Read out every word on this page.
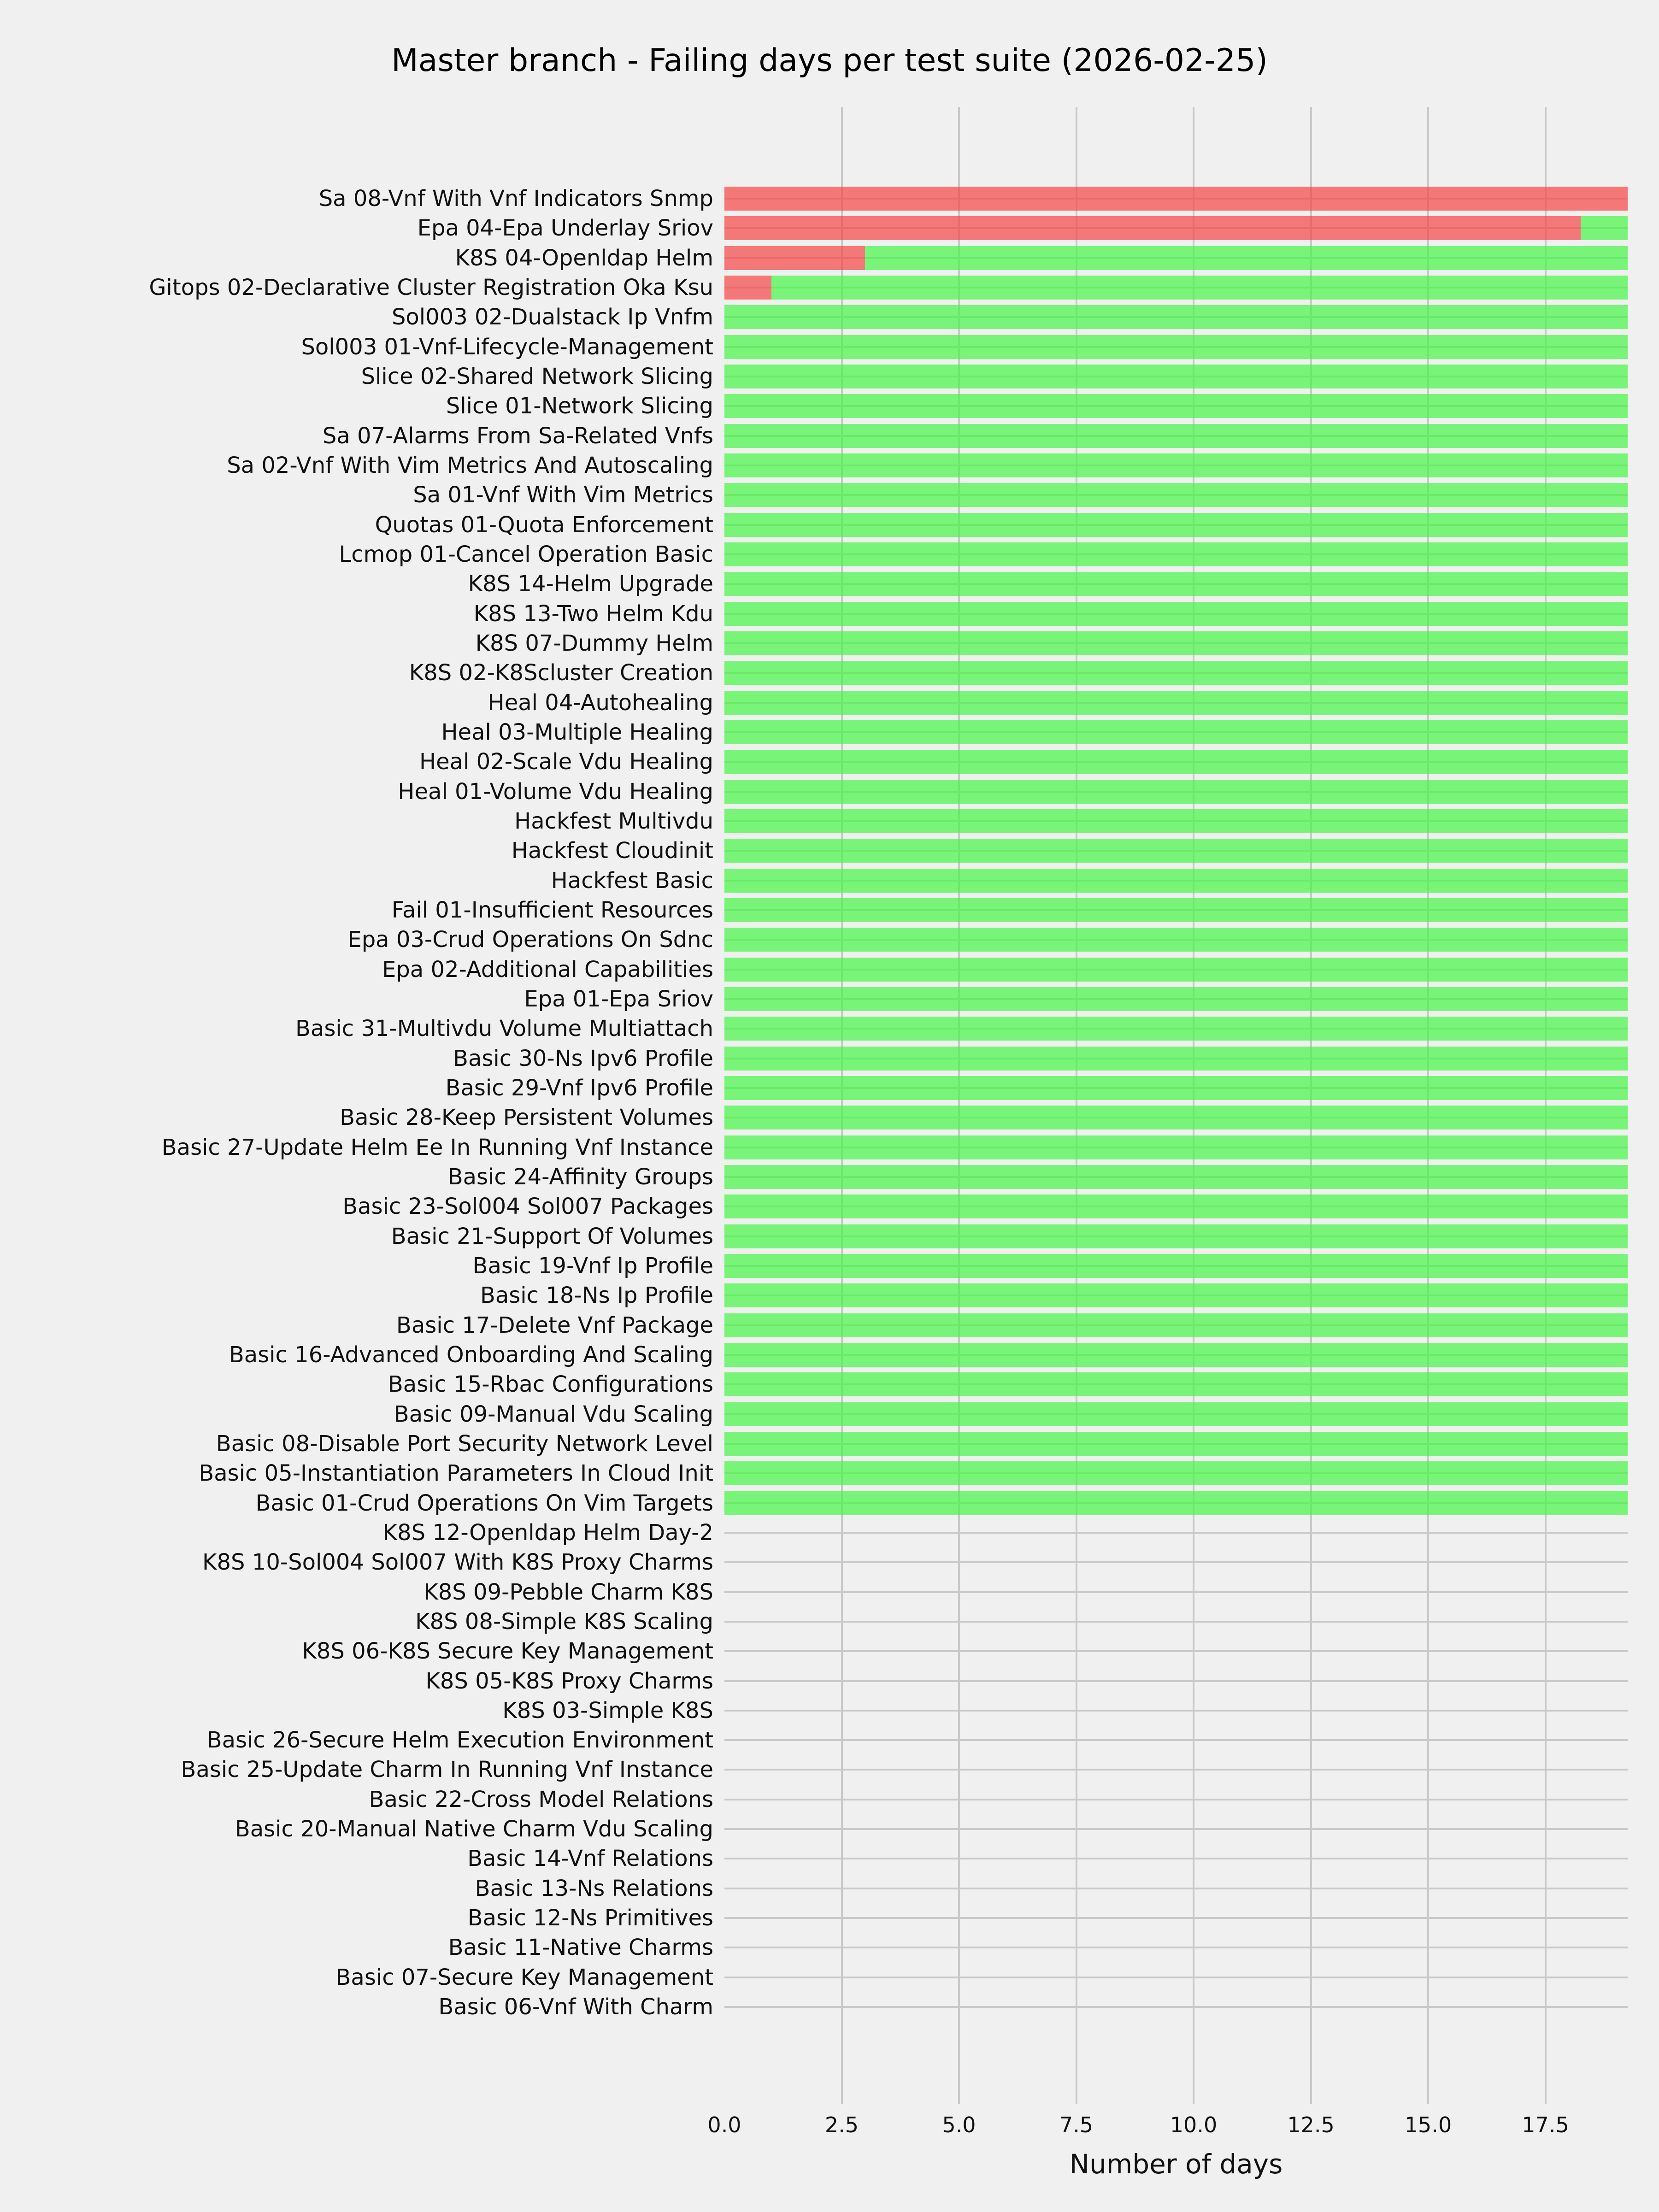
Master branch - Failing days per test suite (2026-02-25)
0.0	2.5	5.0	7.5	10.0	12.5	15.0	17.5
Sa 08-Vnf With Vnf Indicators Snmp
Epa 04-Epa Underlay Sriov
K8S 04-Openldap Helm
Gitops 02-Declarative Cluster Registration Oka Ksu
Sol003 02-Dualstack Ip Vnfm
Sol003 01-Vnf-Lifecycle-Management
Slice 02-Shared Network Slicing
Slice 01-Network Slicing
Sa 07-Alarms From Sa-Related Vnfs
Sa 02-Vnf With Vim Metrics And Autoscaling
Sa 01-Vnf With Vim Metrics
Quotas 01-Quota Enforcement
Lcmop 01-Cancel Operation Basic
K8S 14-Helm Upgrade
K8S 13-Two Helm Kdu
K8S 07-Dummy Helm
K8S 02-K8Scluster Creation
Heal 04-Autohealing
Heal 03-Multiple Healing
Heal 02-Scale Vdu Healing
Heal 01-Volume Vdu Healing
Hackfest Multivdu
Hackfest Cloudinit
Hackfest Basic
Fail 01-Insufficient Resources
Epa 03-Crud Operations On Sdnc
Epa 02-Additional Capabilities
Epa 01-Epa Sriov
Basic 31-Multivdu Volume Multiattach
Basic 30-Ns Ipv6 Profile
Basic 29-Vnf Ipv6 Profile
Basic 28-Keep Persistent Volumes
Basic 27-Update Helm Ee In Running Vnf Instance
Basic 24-Affinity Groups
Basic 23-Sol004 Sol007 Packages
Basic 21-Support Of Volumes
Basic 19-Vnf Ip Profile
Basic 18-Ns Ip Profile
Basic 17-Delete Vnf Package
Basic 16-Advanced Onboarding And Scaling
Basic 15-Rbac Configurations
Basic 09-Manual Vdu Scaling
Basic 08-Disable Port Security Network Level
Basic 05-Instantiation Parameters In Cloud Init
Basic 01-Crud Operations On Vim Targets
K8S 12-Openldap Helm Day-2
K8S 10-Sol004 Sol007 With K8S Proxy Charms
K8S 09-Pebble Charm K8S
K8S 08-Simple K8S Scaling
K8S 06-K8S Secure Key Management
K8S 05-K8S Proxy Charms
K8S 03-Simple K8S
Basic 26-Secure Helm Execution Environment
Basic 25-Update Charm In Running Vnf Instance
Basic 22-Cross Model Relations
Basic 20-Manual Native Charm Vdu Scaling
Basic 14-Vnf Relations
Basic 13-Ns Relations
Basic 12-Ns Primitives
Basic 11-Native Charms
Basic 07-Secure Key Management
Basic 06-Vnf With Charm
Number of days
